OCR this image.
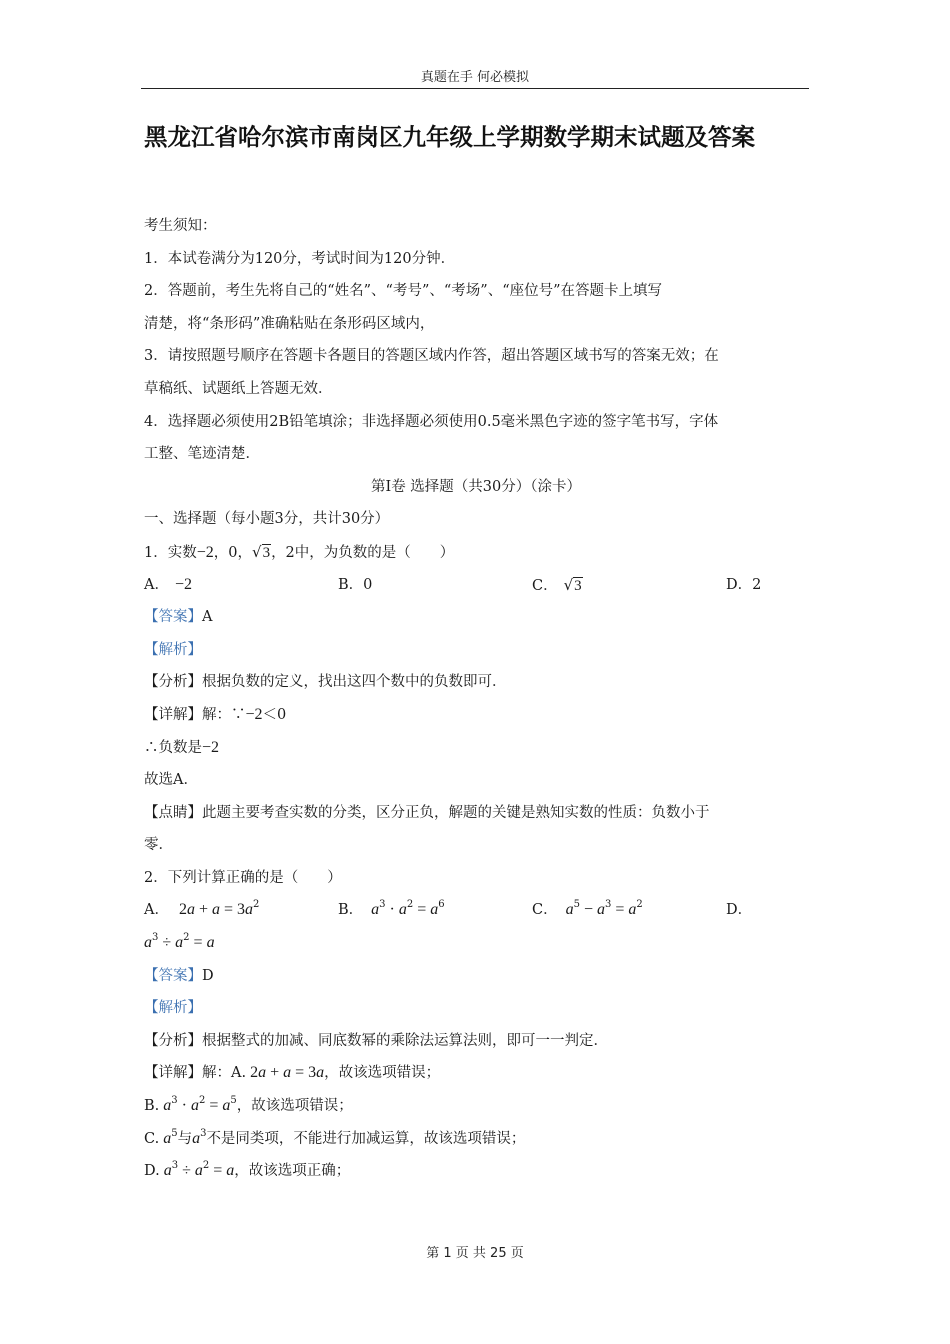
真题在手 何必模拟
黑龙江省哈尔滨市南岗区九年级上学期数学期末试题及答案
考生须知：
1．本试卷满分为120分，考试时间为120分钟．
2．答题前，考生先将自己的“姓名”、“考号”、“考场”、“座位号”在答题卡上填写
清楚，将“条形码”准确粘贴在条形码区域内，
3．请按照题号顺序在答题卡各题目的答题区域内作答，超出答题区域书写的答案无效；在
草稿纸、试题纸上答题无效．
4．选择题必须使用2B铅笔填涂；非选择题必须使用0.5毫米黑色字迹的签字笔书写，字体
工整、笔迹清楚．
第Ⅰ卷 选择题（共30分）（涂卡）
一、选择题（每小题3分，共计30分）
1．实数−2，0，√3，2中，为负数的是（　　）
A． −2	B．0	C． √3	D．2
【答案】A
【解析】
【分析】根据负数的定义，找出这四个数中的负数即可．
【详解】解：∵−2＜0
∴负数是−2
故选A．
【点睛】此题主要考查实数的分类，区分正负，解题的关键是熟知实数的性质：负数小于
零．
2．下列计算正确的是（　　）
A． $2a + a = 3a^2$	B． $a^3 \cdot a^2 = a^6$	C． $a^5 - a^3 = a^2$	D．
$a^3 \div a^2 = a$
【答案】D
【解析】
【分析】根据整式的加减、同底数幂的乘除法运算法则，即可一一判定．
【详解】解：A. 2a + a = 3a，故该选项错误；
B. $a^3 \cdot a^2 = a^5$，故该选项错误；
C. $a^5$与$a^3$不是同类项，不能进行加减运算，故该选项错误；
D. $a^3 \div a^2 = a$，故该选项正确；
第 1 页 共 25 页
